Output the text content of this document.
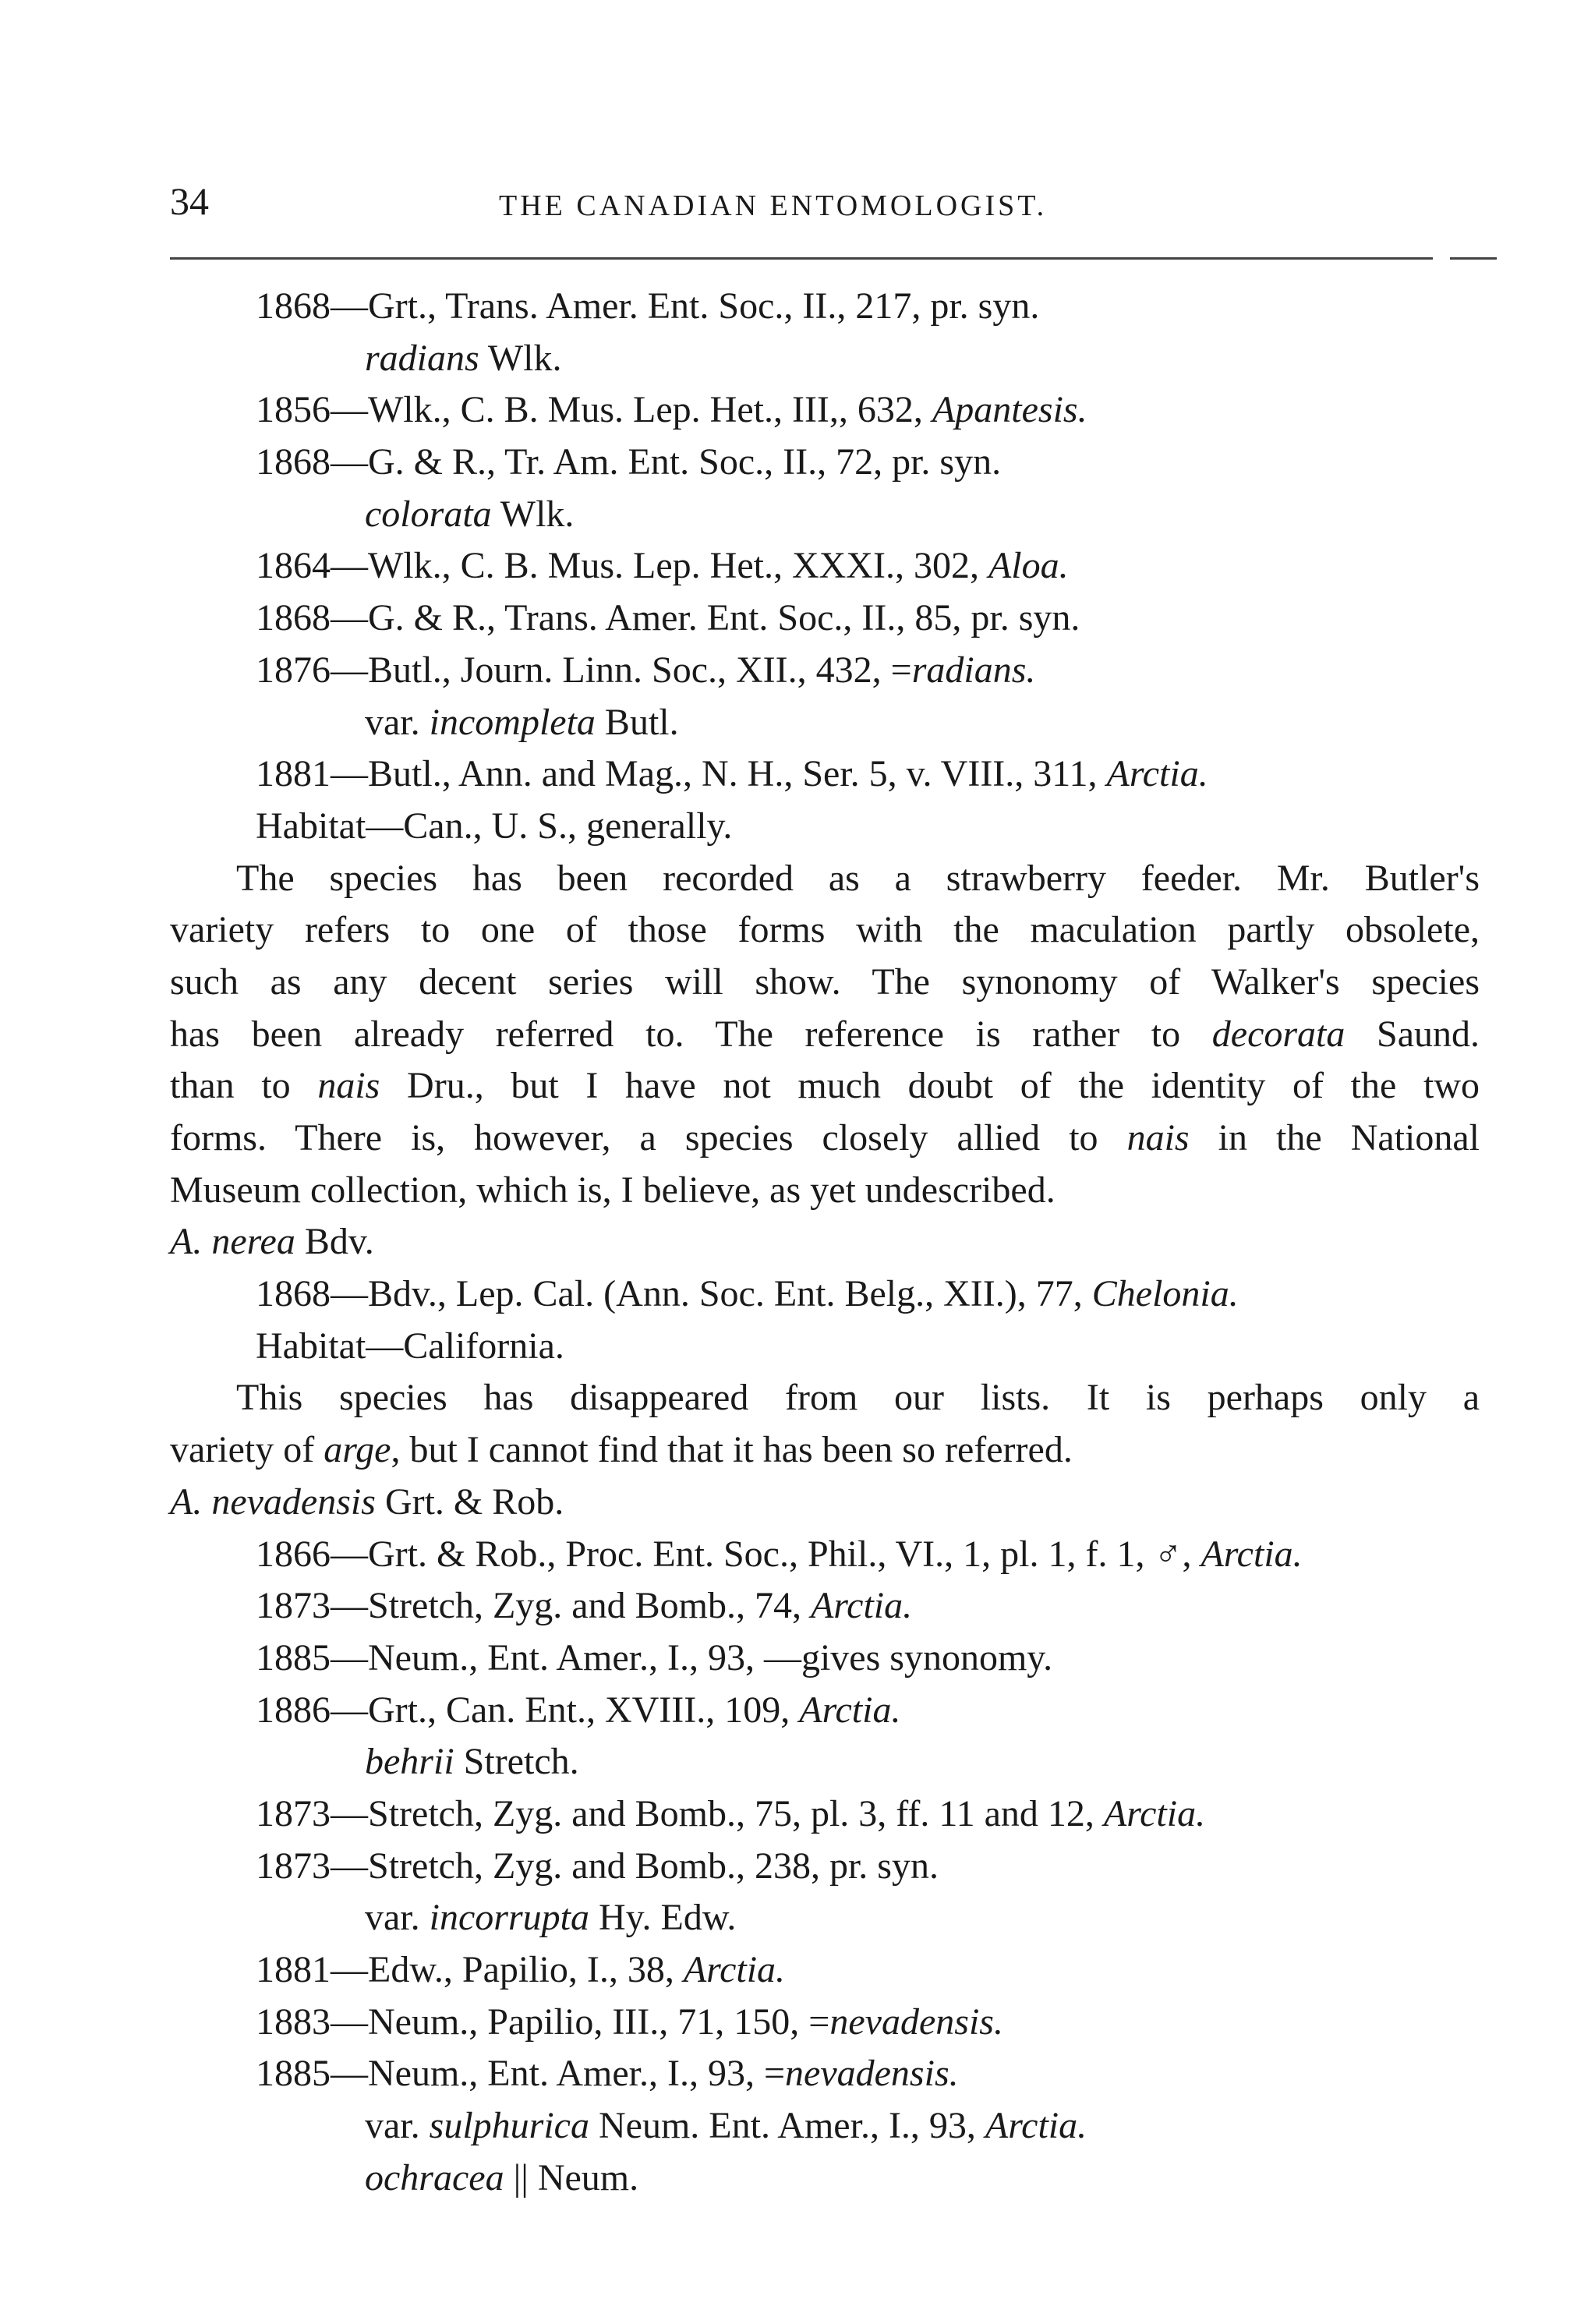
34	THE CANADIAN ENTOMOLOGIST.
1868—Grt., Trans. Amer. Ent. Soc., II., 217, pr. syn.
radians Wlk.
1856—Wlk., C. B. Mus. Lep. Het., III,, 632, Apantesis.
1868—G. & R., Tr. Am. Ent. Soc., II., 72, pr. syn.
colorata Wlk.
1864—Wlk., C. B. Mus. Lep. Het., XXXI., 302, Aloa.
1868—G. & R., Trans. Amer. Ent. Soc., II., 85, pr. syn.
1876—Butl., Journ. Linn. Soc., XII., 432, =radians.
var. incompleta Butl.
1881—Butl., Ann. and Mag., N. H., Ser. 5, v. VIII., 311, Arctia.
Habitat—Can., U. S., generally.
The species has been recorded as a strawberry feeder. Mr. Butler's
variety refers to one of those forms with the maculation partly obsolete,
such as any decent series will show. The synonomy of Walker's species
has been already referred to. The reference is rather to decorata Saund.
than to nais Dru., but I have not much doubt of the identity of the two
forms. There is, however, a species closely allied to nais in the National
Museum collection, which is, I believe, as yet undescribed.
A. nerea Bdv.
1868—Bdv., Lep. Cal. (Ann. Soc. Ent. Belg., XII.), 77, Chelonia.
Habitat—California.
This species has disappeared from our lists. It is perhaps only a
variety of arge, but I cannot find that it has been so referred.
A. nevadensis Grt. & Rob.
1866—Grt. & Rob., Proc. Ent. Soc., Phil., VI., 1, pl. 1, f. 1, ♂, Arctia.
1873—Stretch, Zyg. and Bomb., 74, Arctia.
1885—Neum., Ent. Amer., I., 93, —gives synonomy.
1886—Grt., Can. Ent., XVIII., 109, Arctia.
behrii Stretch.
1873—Stretch, Zyg. and Bomb., 75, pl. 3, ff. 11 and 12, Arctia.
1873—Stretch, Zyg. and Bomb., 238, pr. syn.
var. incorrupta Hy. Edw.
1881—Edw., Papilio, I., 38, Arctia.
1883—Neum., Papilio, III., 71, 150, =nevadensis.
1885—Neum., Ent. Amer., I., 93, =nevadensis.
var. sulphurica Neum. Ent. Amer., I., 93, Arctia.
ochracea || Neum.
